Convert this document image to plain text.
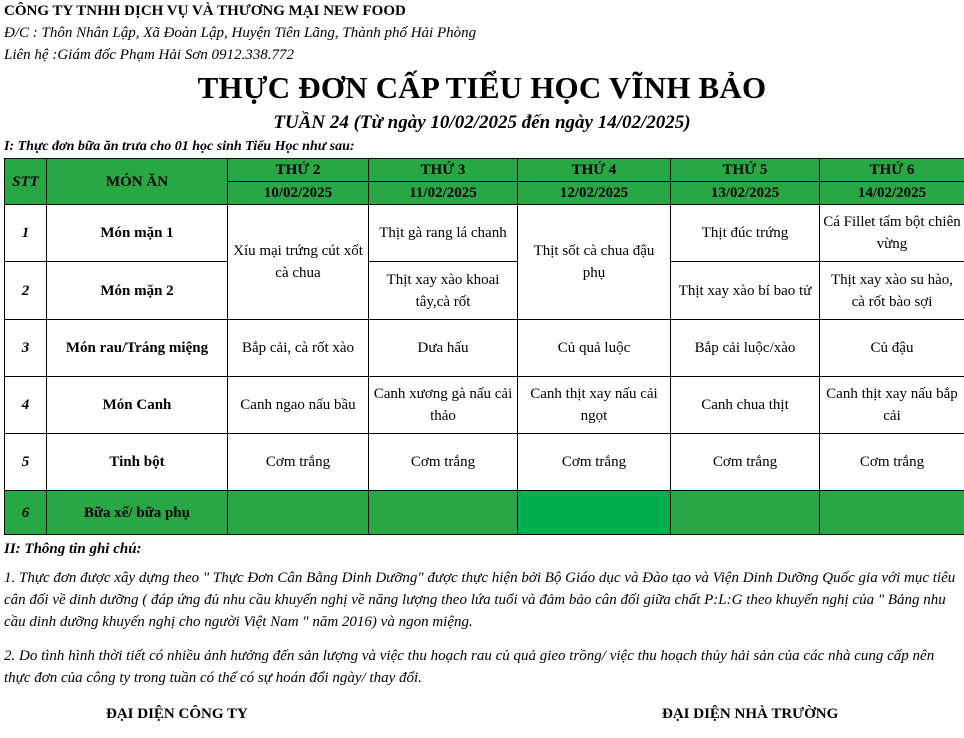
CÔNG TY TNHH DỊCH VỤ VÀ THƯƠNG MẠI NEW FOOD
Đ/C : Thôn Nhân Lập, Xã Đoàn Lập, Huyện Tiên Lãng, Thành phố Hải Phòng
Liên hệ :Giám đốc Phạm Hải Sơn 0912.338.772
THỰC ĐƠN CẤP TIỂU HỌC VĨNH BẢO
TUẦN 24 (Từ ngày 10/02/2025 đến ngày 14/02/2025)
I: Thực đơn bữa ăn trưa cho 01 học sinh Tiểu Học như sau:
STT	MÓN ĂN	THỨ 2	THỨ 3	THỨ 4	THỨ 5	THỨ 6
		10/02/2025	11/02/2025	12/02/2025	13/02/2025	14/02/2025
1	Món mặn 1	Xíu mại trứng cút xốt cà chua	Thịt gà rang lá chanh	Thịt sốt cà chua đậu phụ	Thịt đúc trứng	Cá Fillet tẩm bột chiên vừng
2	Món mặn 2		Thịt xay xào khoai tây,cà rốt		Thịt xay xào bí bao tử	Thịt xay xào su hào, cà rốt bào sợi
3	Món rau/Tráng miệng	Bắp cải, cà rốt xào	Dưa hấu	Củ quả luộc	Bắp cải luộc/xào	Củ đậu
4	Món Canh	Canh ngao nấu bầu	Canh xương gà nấu cải thảo	Canh thịt xay nấu cải ngọt	Canh chua thịt	Canh thịt xay nấu bắp cải
5	Tinh bột	Cơm trắng	Cơm trắng	Cơm trắng	Cơm trắng	Cơm trắng
6	Bữa xế/ bữa phụ					
II: Thông tin ghi chú:
1. Thực đơn được xây dựng theo " Thực Đơn Cân Bằng Dinh Dưỡng" được thực hiện bởi Bộ Giáo dục và Đào tạo và Viện Dinh Dưỡng Quốc gia với mục tiêu cân đối về dinh dưỡng ( đáp ứng đủ nhu cầu khuyến nghị về năng lượng theo lứa tuổi và đảm bảo cân đối giữa chất P:L:G theo khuyến nghị của " Bảng nhu cầu dinh dưỡng khuyến nghị cho người Việt Nam " năm 2016) và ngon miệng.
2. Do tình hình thời tiết có nhiều ảnh hưởng đến sản lượng và việc thu hoạch rau củ quả gieo trồng/ việc thu hoạch thủy hải sản của các nhà cung cấp nên thực đơn của công ty trong tuần có thể có sự hoán đổi ngày/ thay đổi.
ĐẠI DIỆN CÔNG TY	ĐẠI DIỆN NHÀ TRƯỜNG
